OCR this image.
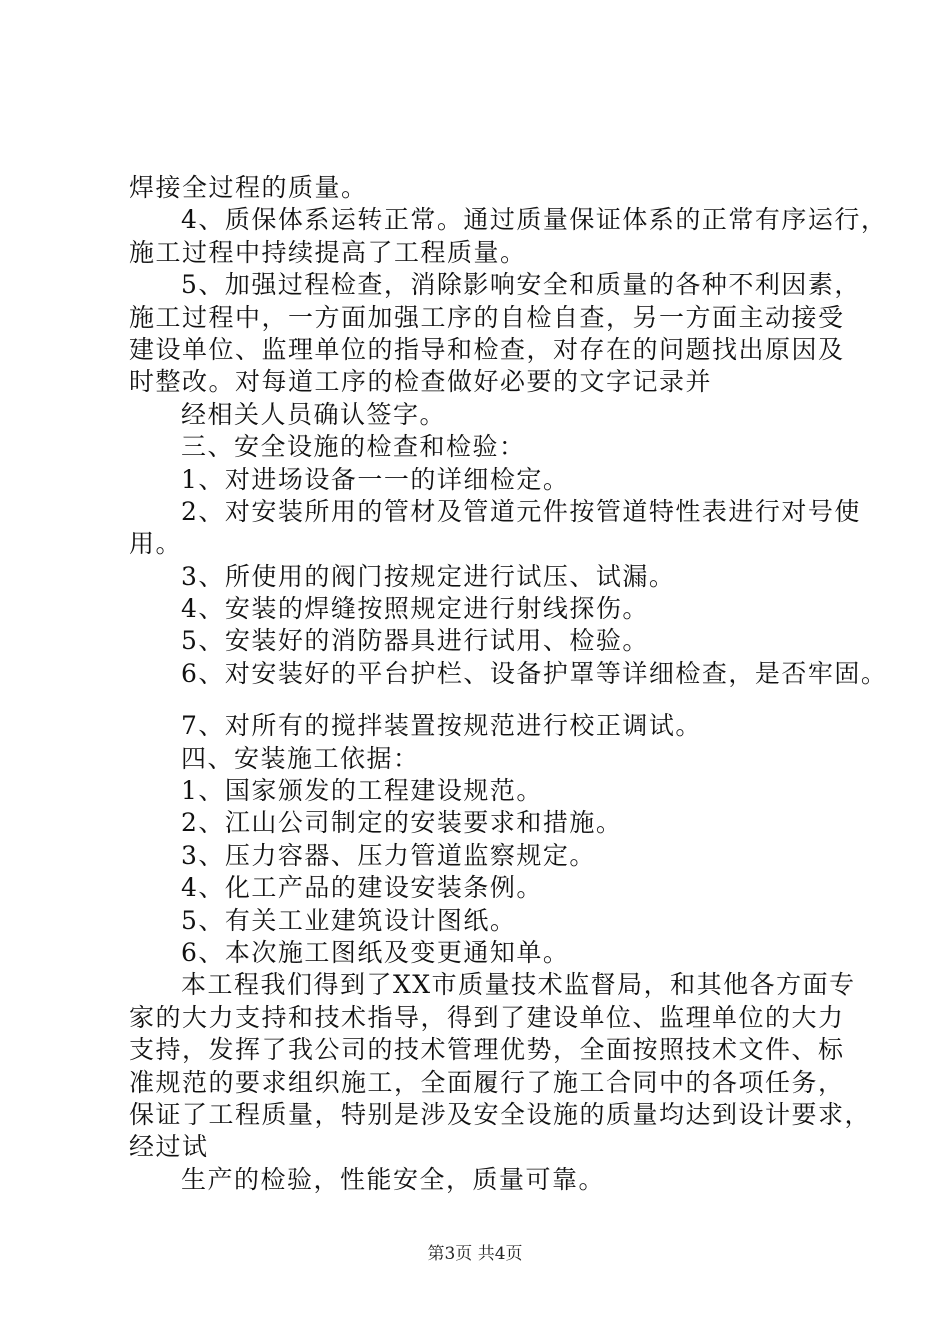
焊接全过程的质量。
4、质保体系运转正常。通过质量保证体系的正常有序运行，
施工过程中持续提高了工程质量。
5、加强过程检查，消除影响安全和质量的各种不利因素，
施工过程中，一方面加强工序的自检自查，另一方面主动接受
建设单位、监理单位的指导和检查，对存在的问题找出原因及
时整改。对每道工序的检查做好必要的文字记录并
经相关人员确认签字。
三、安全设施的检查和检验：
1、对进场设备一一的详细检定。
2、对安装所用的管材及管道元件按管道特性表进行对号使
用。
3、所使用的阀门按规定进行试压、试漏。
4、安装的焊缝按照规定进行射线探伤。
5、安装好的消防器具进行试用、检验。
6、对安装好的平台护栏、设备护罩等详细检查，是否牢固。
7、对所有的搅拌装置按规范进行校正调试。
四、安装施工依据：
1、国家颁发的工程建设规范。
2、江山公司制定的安装要求和措施。
3、压力容器、压力管道监察规定。
4、化工产品的建设安装条例。
5、有关工业建筑设计图纸。
6、本次施工图纸及变更通知单。
本工程我们得到了XX市质量技术监督局，和其他各方面专
家的大力支持和技术指导，得到了建设单位、监理单位的大力
支持，发挥了我公司的技术管理优势，全面按照技术文件、标
准规范的要求组织施工，全面履行了施工合同中的各项任务，
保证了工程质量，特别是涉及安全设施的质量均达到设计要求，
经过试
生产的检验，性能安全，质量可靠。
第3页 共4页
